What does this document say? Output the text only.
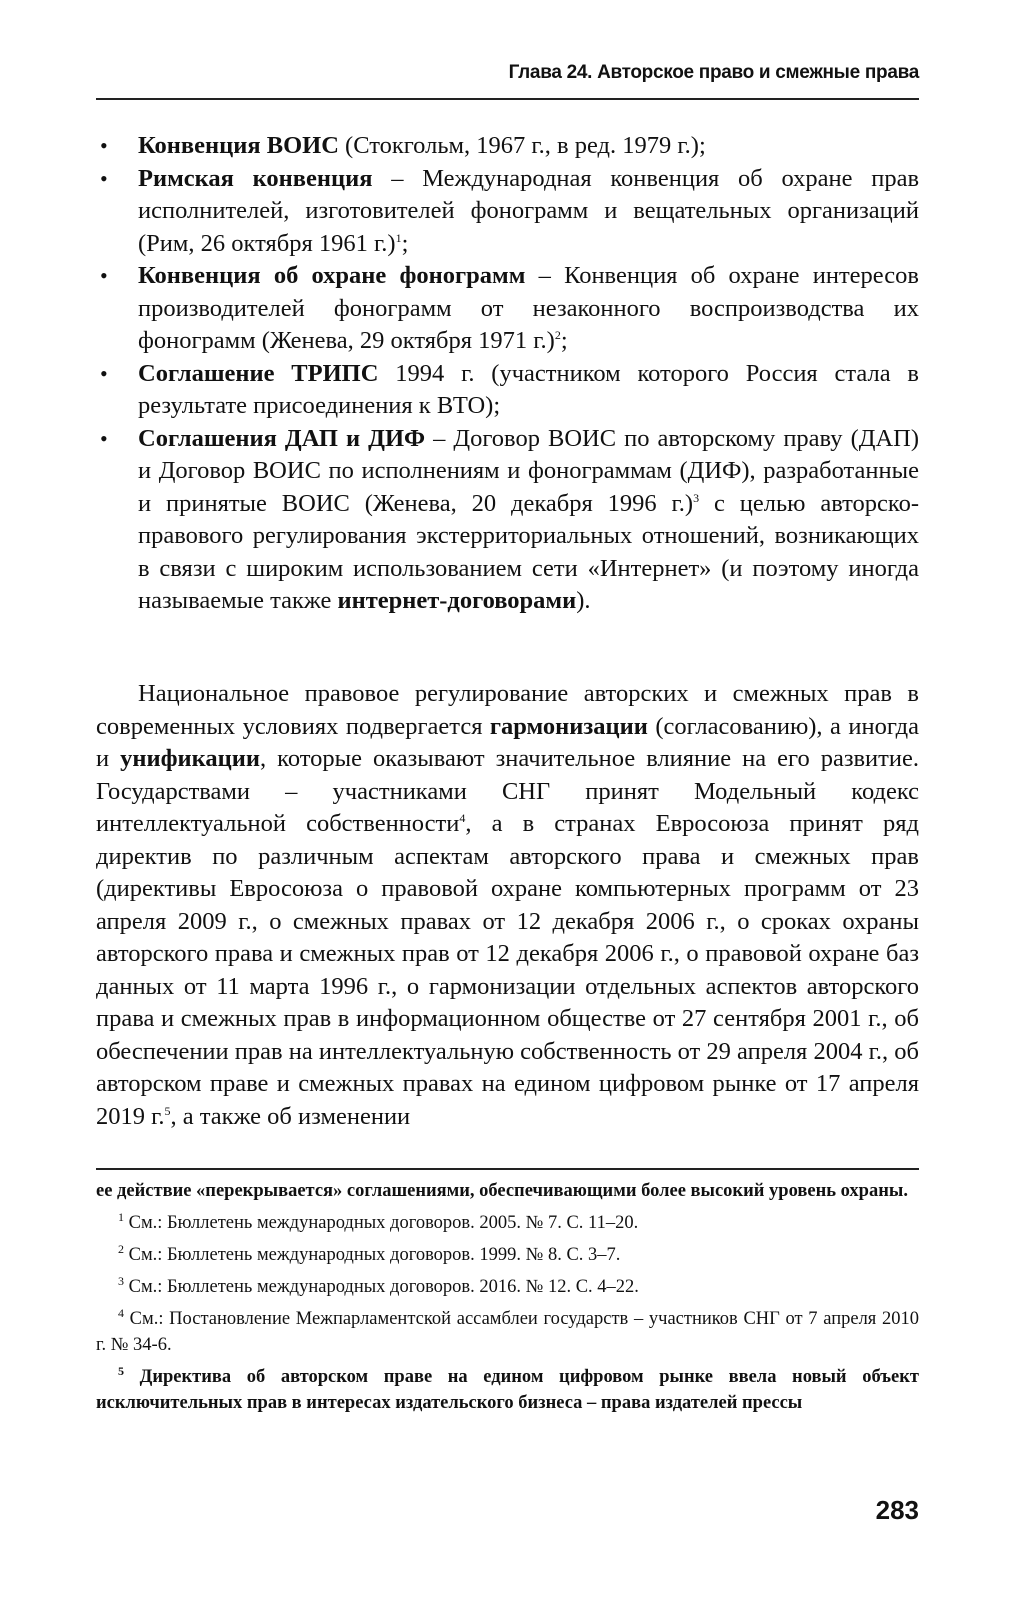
Глава 24. Авторское право и смежные права
• Конвенция ВОИС (Стокгольм, 1967 г., в ред. 1979 г.);
• Римская конвенция – Международная конвенция об охране прав исполнителей, изготовителей фонограмм и вещательных организаций (Рим, 26 октября 1961 г.)$^1$;
• Конвенция об охране фонограмм – Конвенция об охране интересов производителей фонограмм от незаконного воспроизводства их фонограмм (Женева, 29 октября 1971 г.)$^2$;
• Соглашение ТРИПС 1994 г. (участником которого Россия стала в результате присоединения к ВТО);
• Соглашения ДАП и ДИФ – Договор ВОИС по авторскому праву (ДАП) и Договор ВОИС по исполнениям и фонограммам (ДИФ), разработанные и принятые ВОИС (Женева, 20 декабря 1996 г.)$^3$ с целью авторско-правового регулирования экстерриториальных отношений, возникающих в связи с широким использованием сети «Интернет» (и поэтому иногда называемые также интернет-договорами).

Национальное правовое регулирование авторских и смежных прав в современных условиях подвергается гармонизации (согласованию), а иногда и унификации, которые оказывают значительное влияние на его развитие. Государствами – участниками СНГ принят Модельный кодекс интеллектуальной собственности$^4$, а в странах Евросоюза принят ряд директив по различным аспектам авторского права и смежных прав (директивы Евросоюза о правовой охране компьютерных программ от 23 апреля 2009 г., о смежных правах от 12 декабря 2006 г., о сроках охраны авторского права и смежных прав от 12 декабря 2006 г., о правовой охране баз данных от 11 марта 1996 г., о гармонизации отдельных аспектов авторского права и смежных прав в информационном обществе от 27 сентября 2001 г., об обеспечении прав на интеллектуальную собственность от 29 апреля 2004 г., об авторском праве и смежных правах на едином цифровом рынке от 17 апреля 2019 г.$^5$, а также об изменении

ее действие «перекрывается» соглашениями, обеспечивающими более высокий уровень охраны.

$^1$ См.: Бюллетень международных договоров. 2005. № 7. С. 11–20.

$^2$ См.: Бюллетень международных договоров. 1999. № 8. С. 3–7.

$^3$ См.: Бюллетень международных договоров. 2016. № 12. С. 4–22.

$^4$ См.: Постановление Межпарламентской ассамблеи государств – участников СНГ от 7 апреля 2010 г. № 34-6.

$^5$ Директива об авторском праве на едином цифровом рынке ввела новый объект исключительных прав в интересах издательского бизнеса – права издателей прессы

283
